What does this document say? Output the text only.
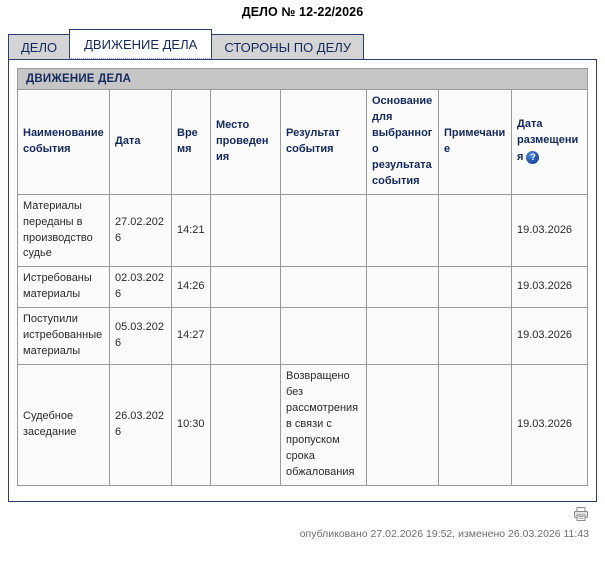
ДЕЛО № 12-22/2026
ДЕЛО	ДВИЖЕНИЕ ДЕЛА	СТОРОНЫ ПО ДЕЛУ
ДВИЖЕНИЕ ДЕЛА
Наименование события	Дата	Время	Место проведения	Результат события	Основание для выбранного результата события	Примечание	Дата размещения ?
Материалы переданы в производство судье	27.02.2026	14:21					19.03.2026
Истребованы материалы	02.03.2026	14:26					19.03.2026
Поступили истребованные материалы	05.03.2026	14:27					19.03.2026
Судебное заседание	26.03.2026	10:30		Возвращено без рассмотрения в связи с пропуском срока обжалования			19.03.2026
опубликовано 27.02.2026 19:52, изменено 26.03.2026 11:43
